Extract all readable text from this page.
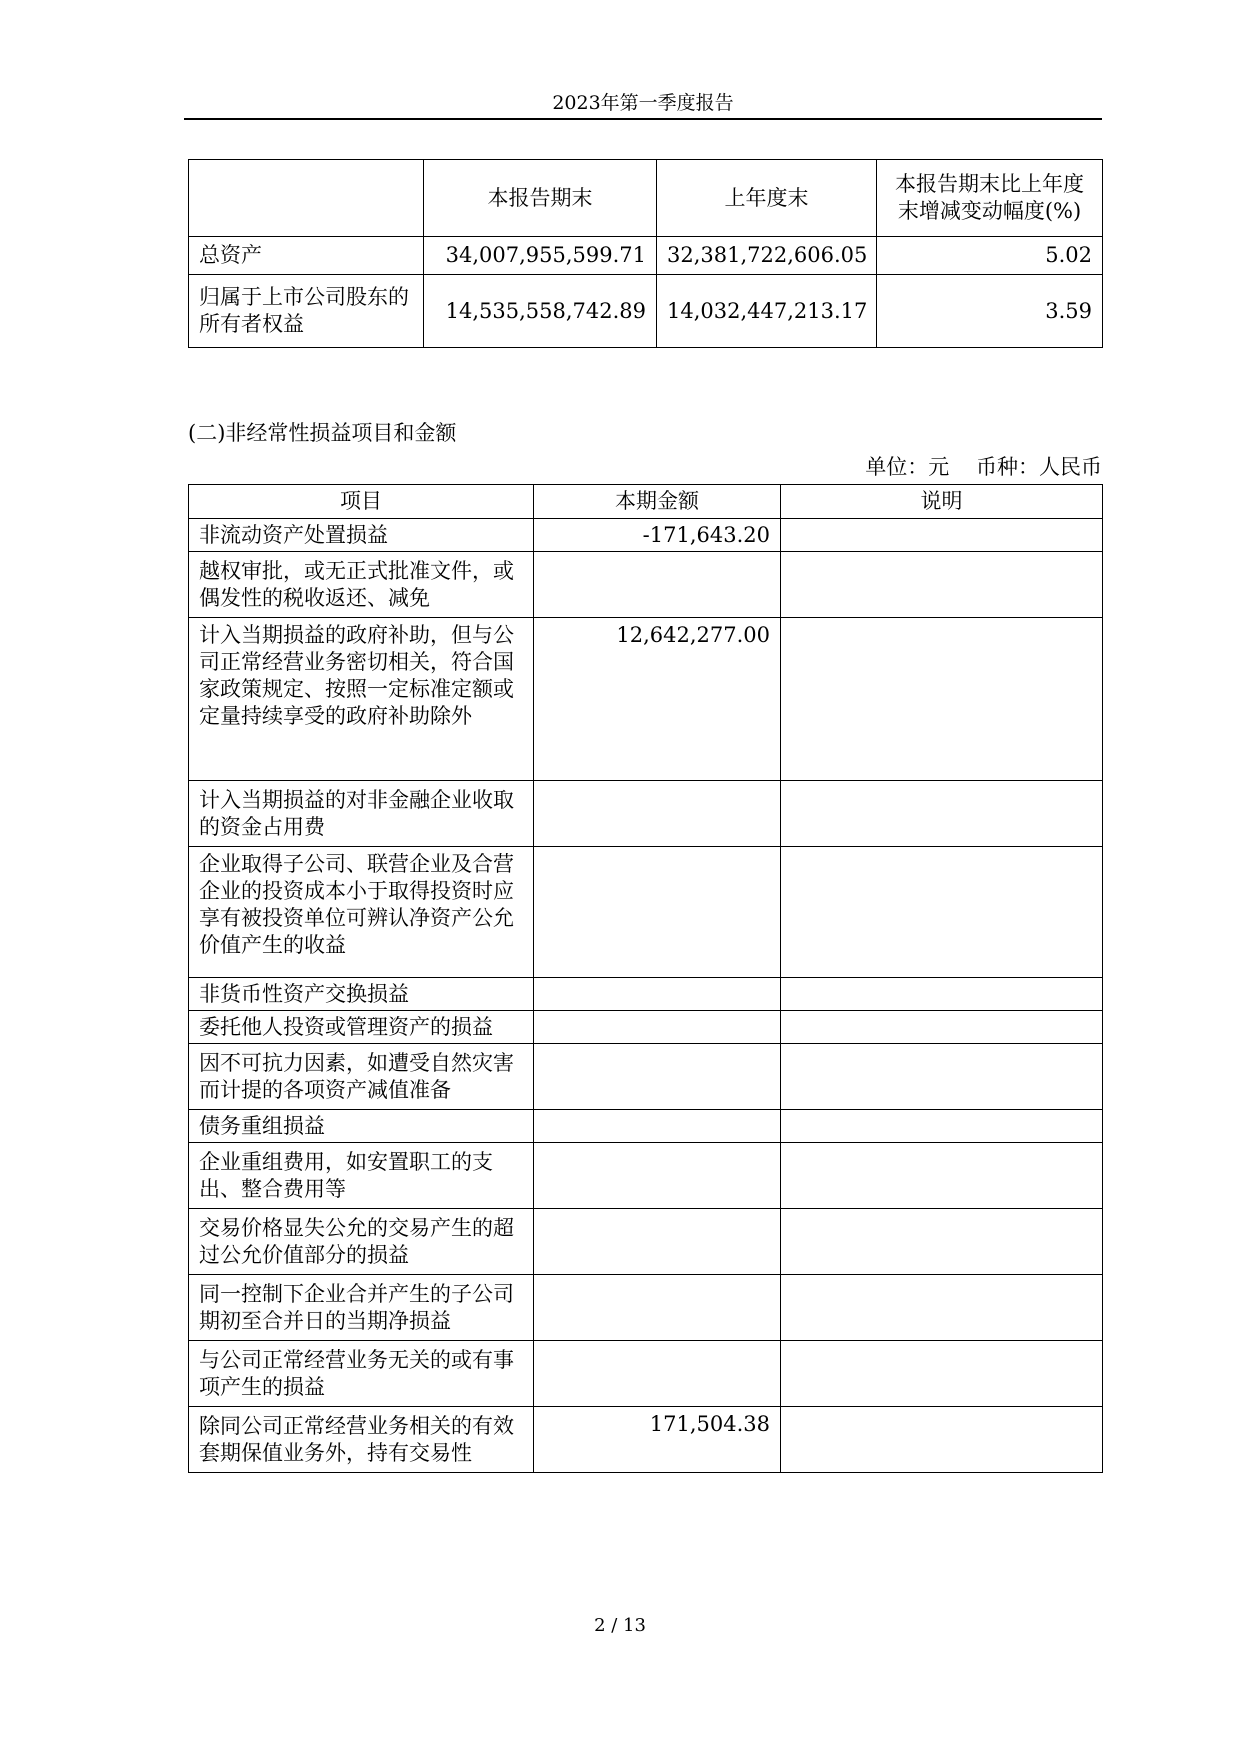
2023年第一季度报告
	本报告期末	上年度末	本报告期末比上年度末增减变动幅度(%)
总资产	34,007,955,599.71	32,381,722,606.05	5.02
归属于上市公司股东的所有者权益	14,535,558,742.89	14,032,447,213.17	3.59
(二)非经常性损益项目和金额
单位：元 币种：人民币
项目	本期金额	说明
非流动资产处置损益	-171,643.20	
越权审批，或无正式批准文件，或偶发性的税收返还、减免		
计入当期损益的政府补助，但与公司正常经营业务密切相关，符合国家政策规定、按照一定标准定额或定量持续享受的政府补助除外	12,642,277.00	
计入当期损益的对非金融企业收取的资金占用费		
企业取得子公司、联营企业及合营企业的投资成本小于取得投资时应享有被投资单位可辨认净资产公允价值产生的收益		
非货币性资产交换损益		
委托他人投资或管理资产的损益		
因不可抗力因素，如遭受自然灾害而计提的各项资产减值准备		
债务重组损益		
企业重组费用，如安置职工的支出、整合费用等		
交易价格显失公允的交易产生的超过公允价值部分的损益		
同一控制下企业合并产生的子公司期初至合并日的当期净损益		
与公司正常经营业务无关的或有事项产生的损益		
除同公司正常经营业务相关的有效套期保值业务外，持有交易性	171,504.38	
2 / 13
